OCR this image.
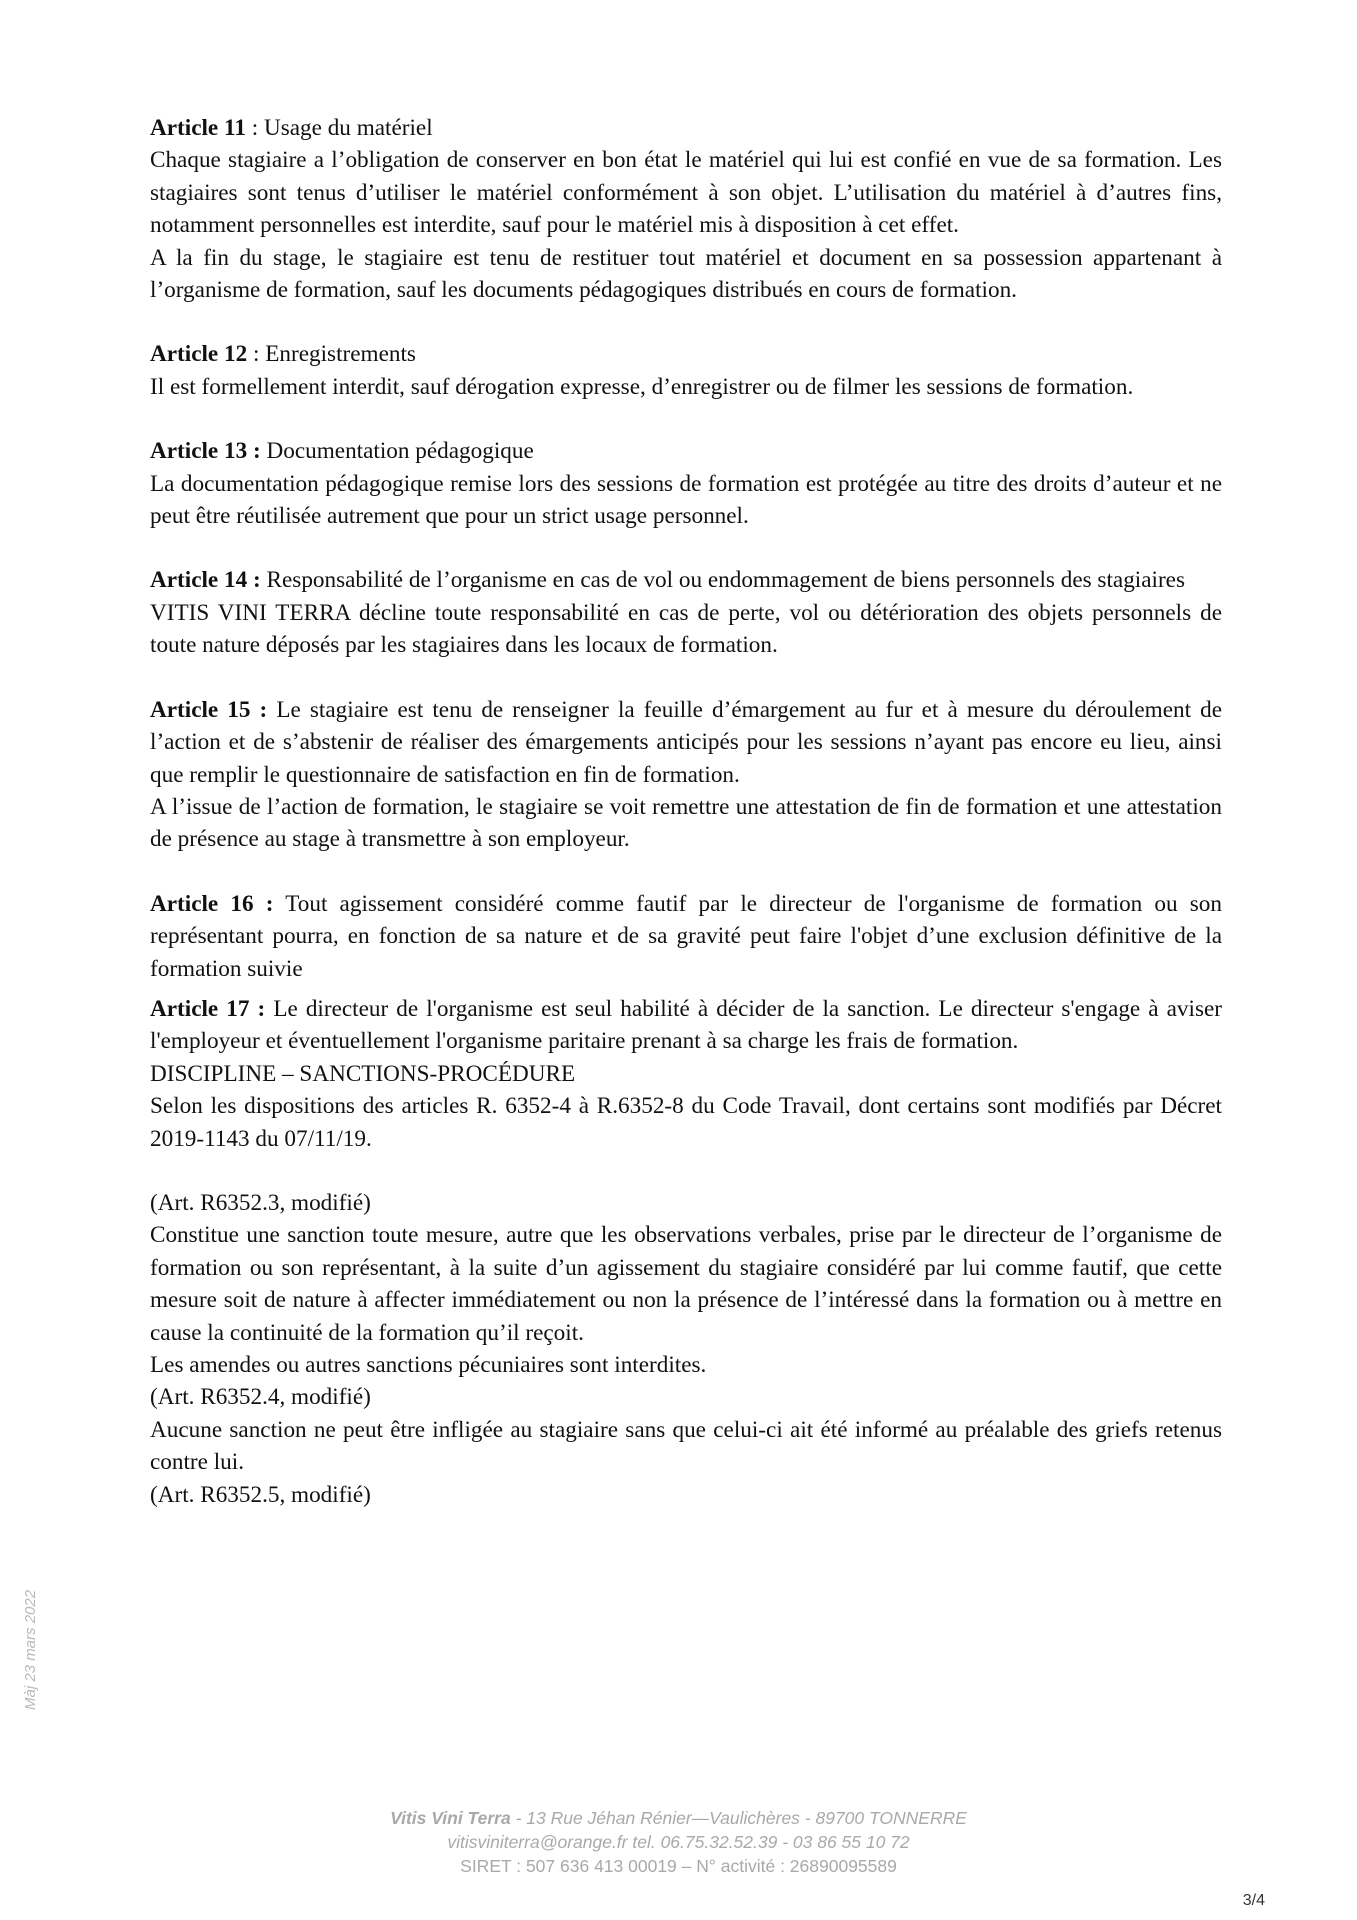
Article 11 : Usage du matériel

Chaque stagiaire a l’obligation de conserver en bon état le matériel qui lui est confié en vue de sa formation. Les stagiaires sont tenus d’utiliser le matériel conformément à son objet. L’utilisation du matériel à d’autres fins, notamment personnelles est interdite, sauf pour le matériel mis à disposition à cet effet.

A la fin du stage, le stagiaire est tenu de restituer tout matériel et document en sa possession appartenant à l’organisme de formation, sauf les documents pédagogiques distribués en cours de formation.

Article 12 : Enregistrements

Il est formellement interdit, sauf dérogation expresse, d’enregistrer ou de filmer les sessions de formation.

Article 13 : Documentation pédagogique

La documentation pédagogique remise lors des sessions de formation est protégée au titre des droits d’auteur et ne peut être réutilisée autrement que pour un strict usage personnel.

Article 14 : Responsabilité de l’organisme en cas de vol ou endommagement de biens personnels des stagiaires

VITIS VINI TERRA décline toute responsabilité en cas de perte, vol ou détérioration des objets personnels de toute nature déposés par les stagiaires dans les locaux de formation.

Article 15 : Le stagiaire est tenu de renseigner la feuille d’émargement au fur et à mesure du déroulement de l’action et de s’abstenir de réaliser des émargements anticipés pour les sessions n’ayant pas encore eu lieu, ainsi que remplir le questionnaire de satisfaction en fin de formation.

A l’issue de l’action de formation, le stagiaire se voit remettre une attestation de fin de formation et une attestation de présence au stage à transmettre à son employeur.

Article 16 : Tout agissement considéré comme fautif par le directeur de l'organisme de formation ou son représentant pourra, en fonction de sa nature et de sa gravité peut faire l'objet d’une exclusion définitive de la formation suivie

Article 17 : Le directeur de l'organisme est seul habilité à décider de la sanction. Le directeur s'engage à aviser l'employeur et éventuellement l'organisme paritaire prenant à sa charge les frais de formation.

DISCIPLINE – SANCTIONS-PROCÉDURE

Selon les dispositions des articles R. 6352-4 à R.6352-8 du Code Travail, dont certains sont modifiés par Décret 2019-1143 du 07/11/19.

(Art. R6352.3, modifié)

Constitue une sanction toute mesure, autre que les observations verbales, prise par le directeur de l’organisme de formation ou son représentant, à la suite d’un agissement du stagiaire considéré par lui comme fautif, que cette mesure soit de nature à affecter immédiatement ou non la présence de l’intéressé dans la formation ou à mettre en cause la continuité de la formation qu’il reçoit.

Les amendes ou autres sanctions pécuniaires sont interdites.

(Art. R6352.4, modifié)

Aucune sanction ne peut être infligée au stagiaire sans que celui-ci ait été informé au préalable des griefs retenus contre lui.

(Art. R6352.5, modifié)

Màj 23 mars 2022
Vitis Vini Terra - 13 Rue Jéhan Rénier—Vaulichères - 89700 TONNERRE
vitisviniterra@orange.fr tel. 06.75.32.52.39 - 03 86 55 10 72
SIRET : 507 636 413 00019 – N° activité : 26890095589
3/4
